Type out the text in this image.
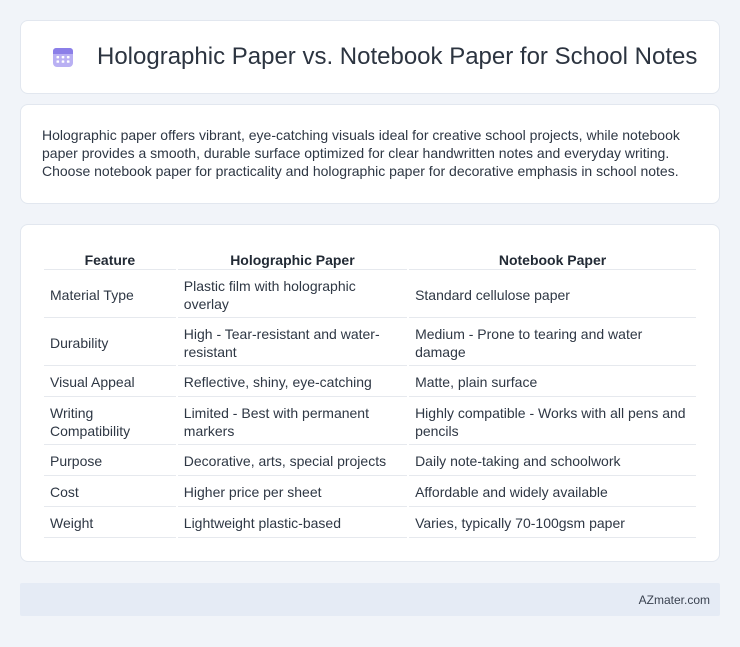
Holographic Paper vs. Notebook Paper for School Notes

Holographic paper offers vibrant, eye-catching visuals ideal for creative school projects, while notebook paper provides a smooth, durable surface optimized for clear handwritten notes and everyday writing. Choose notebook paper for practicality and holographic paper for decorative emphasis in school notes.

Feature	Holographic Paper	Notebook Paper
Material Type	Plastic film with holographic overlay	Standard cellulose paper
Durability	High - Tear-resistant and water-resistant	Medium - Prone to tearing and water damage
Visual Appeal	Reflective, shiny, eye-catching	Matte, plain surface
Writing Compatibility	Limited - Best with permanent markers	Highly compatible - Works with all pens and pencils
Purpose	Decorative, arts, special projects	Daily note-taking and schoolwork
Cost	Higher price per sheet	Affordable and widely available
Weight	Lightweight plastic-based	Varies, typically 70-100gsm paper
AZmater.com
